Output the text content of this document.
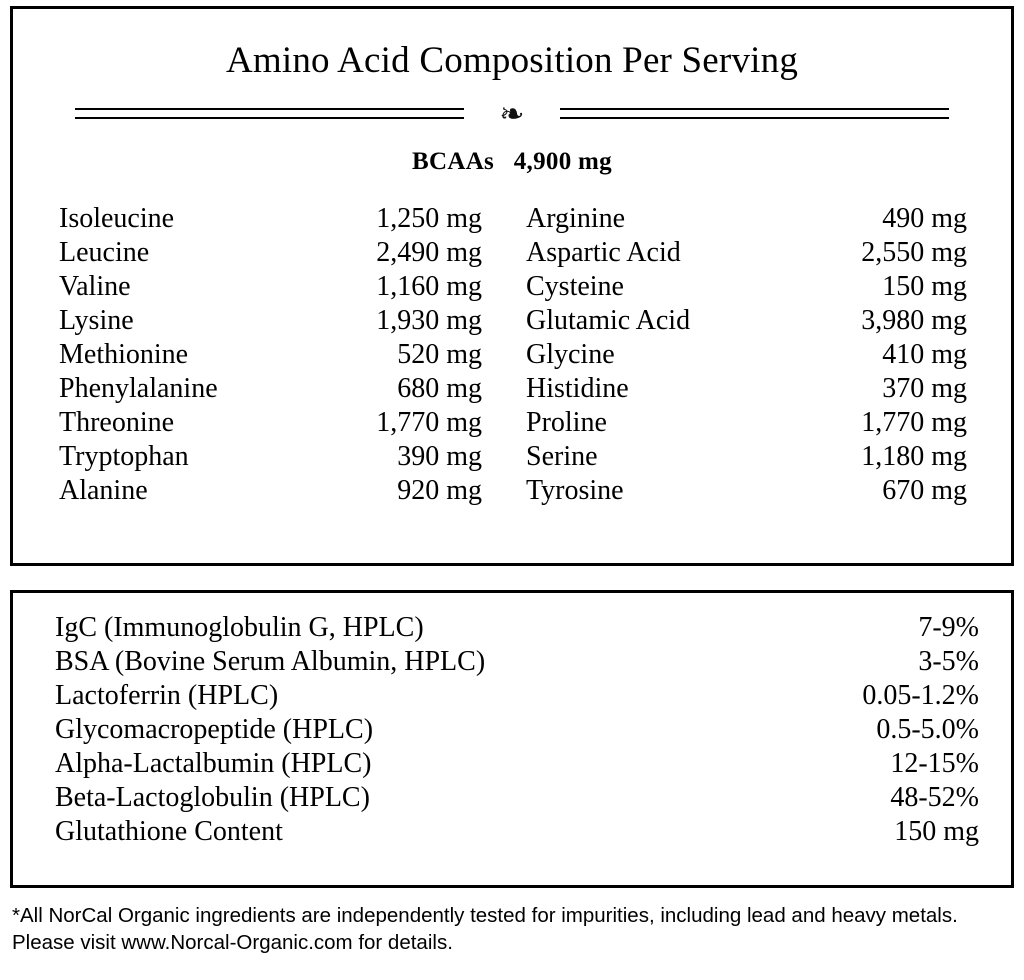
Amino Acid Composition Per Serving
❧
BCAAs 4,900 mg
Isoleucine	1,250 mg
Leucine	2,490 mg
Valine	1,160 mg
Lysine	1,930 mg
Methionine	520 mg
Phenylalanine	680 mg
Threonine	1,770 mg
Tryptophan	390 mg
Alanine	920 mg
Arginine	490 mg
Aspartic Acid	2,550 mg
Cysteine	150 mg
Glutamic Acid	3,980 mg
Glycine	410 mg
Histidine	370 mg
Proline	1,770 mg
Serine	1,180 mg
Tyrosine	670 mg
IgC (Immunoglobulin G, HPLC)	7-9%
BSA (Bovine Serum Albumin, HPLC)	3-5%
Lactoferrin (HPLC)	0.05-1.2%
Glycomacropeptide (HPLC)	0.5-5.0%
Alpha-Lactalbumin (HPLC)	12-15%
Beta-Lactoglobulin (HPLC)	48-52%
Glutathione Content	150 mg
*All NorCal Organic ingredients are independently tested for impurities, including lead and heavy metals. Please visit www.Norcal-Organic.com for details.
